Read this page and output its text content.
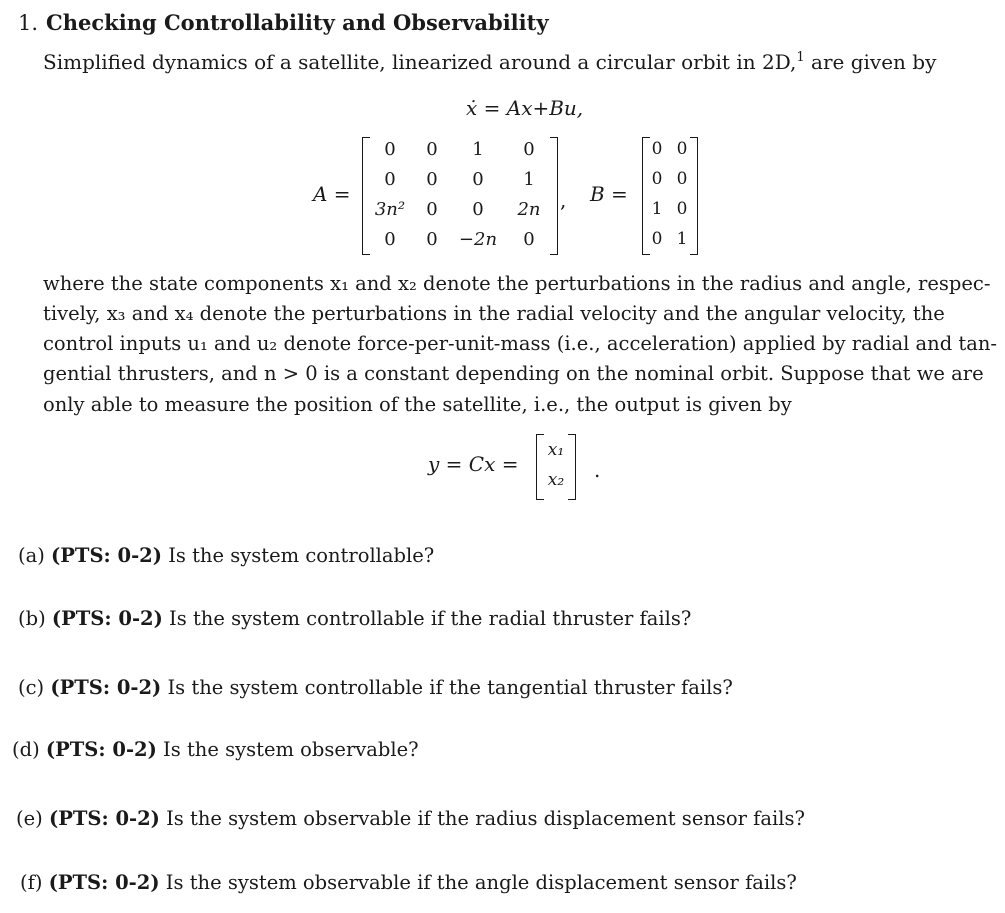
1. Checking Controllability and Observability
Simplified dynamics of a satellite, linearized around a circular orbit in 2D,$^1$ are given by
ẋ = Ax+Bu,
A =
0	0	1	0
0	0	0	1
3n²	0	0	2n
0	0	−2n	0
, B =
0 0
0 0
1 0
0 1
where the state components x₁ and x₂ denote the perturbations in the radius and angle, respec-
tively, x₃ and x₄ denote the perturbations in the radial velocity and the angular velocity, the
control inputs u₁ and u₂ denote force-per-unit-mass (i.e., acceleration) applied by radial and tan-
gential thrusters, and n > 0 is a constant depending on the nominal orbit. Suppose that we are
only able to measure the position of the satellite, i.e., the output is given by
y = Cx =
x₁
x₂ .
(a) (PTS: 0-2) Is the system controllable?
(b) (PTS: 0-2) Is the system controllable if the radial thruster fails?
(c) (PTS: 0-2) Is the system controllable if the tangential thruster fails?
(d) (PTS: 0-2) Is the system observable?
(e) (PTS: 0-2) Is the system observable if the radius displacement sensor fails?
(f) (PTS: 0-2) Is the system observable if the angle displacement sensor fails?
